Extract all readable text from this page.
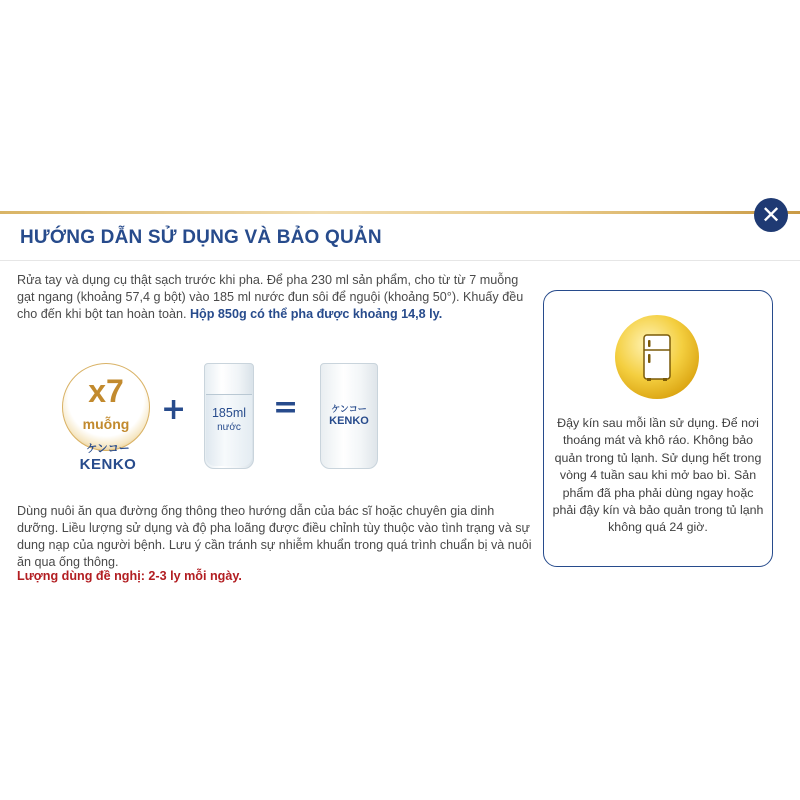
✕
HƯỚNG DẪN SỬ DỤNG VÀ BẢO QUẢN
Rửa tay và dụng cụ thật sạch trước khi pha. Để pha 230 ml sản phẩm, cho từ từ 7 muỗng gạt ngang (khoảng 57,4 g bột) vào 185 ml nước đun sôi để nguội (khoảng 50°). Khuấy đều cho đến khi bột tan hoàn toàn. Hộp 850g có thể pha được khoảng 14,8 ly.
x7
muỗng
ケンコー
KENKO
+	185ml
nước
=	ケンコー
KENKO
Dùng nuôi ăn qua đường ống thông theo hướng dẫn của bác sĩ hoặc chuyên gia dinh dưỡng. Liều lượng sử dụng và độ pha loãng được điều chỉnh tùy thuộc vào tình trạng và sự dung nạp của người bệnh. Lưu ý cần tránh sự nhiễm khuẩn trong quá trình chuẩn bị và nuôi ăn qua ống thông.
Lượng dùng đề nghị: 2-3 ly mỗi ngày.
Đậy kín sau mỗi lần sử dụng. Để nơi thoáng mát và khô ráo. Không bảo quản trong tủ lạnh. Sử dụng hết trong vòng 4 tuần sau khi mở bao bì. Sản phẩm đã pha phải dùng ngay hoặc phải đậy kín và bảo quản trong tủ lạnh không quá 24 giờ.
